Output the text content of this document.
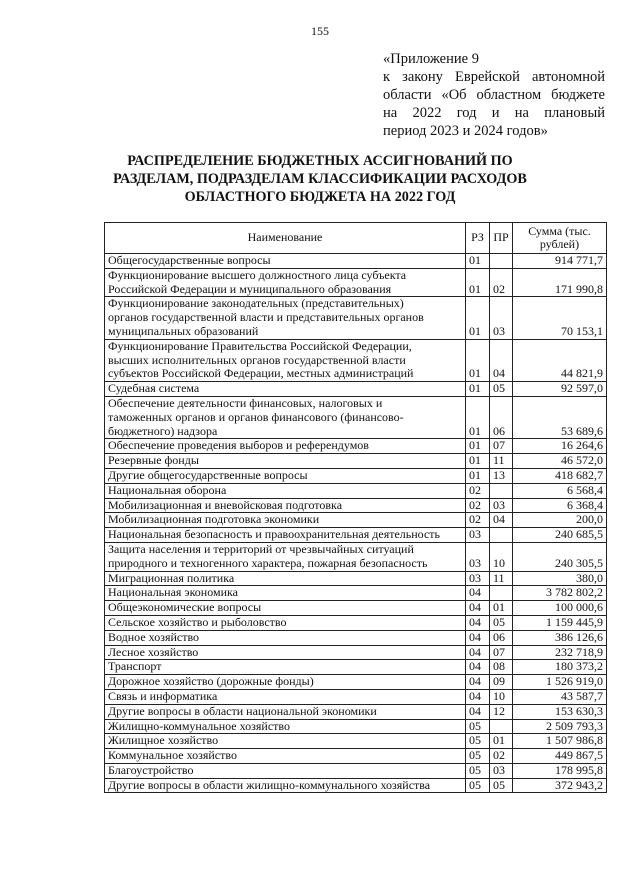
155
«Приложение 9
к закону Еврейской автономной
области «Об областном бюджете
на 2022 год и на плановый
период 2023 и 2024 годов»
РАСПРЕДЕЛЕНИЕ БЮДЖЕТНЫХ АССИГНОВАНИЙ ПО
РАЗДЕЛАМ, ПОДРАЗДЕЛАМ КЛАССИФИКАЦИИ РАСХОДОВ
ОБЛАСТНОГО БЮДЖЕТА НА 2022 ГОД
Наименование	РЗ	ПР	Сумма (тыс.
рублей)

Общегосударственные вопросы	01		914 771,7

Функционирование высшего должностного лица субъекта
Российской Федерации и муниципального образования	01	02	171 990,8

Функционирование законодательных (представительных)
органов государственной власти и представительных органов
муниципальных образований	01	03	70 153,1

Функционирование Правительства Российской Федерации,
высших исполнительных органов государственной власти
субъектов Российской Федерации, местных администраций	01	04	44 821,9

Судебная система	01	05	92 597,0

Обеспечение деятельности финансовых, налоговых и
таможенных органов и органов финансового (финансово-
бюджетного) надзора	01	06	53 689,6

Обеспечение проведения выборов и референдумов	01	07	16 264,6

Резервные фонды	01	11	46 572,0

Другие общегосударственные вопросы	01	13	418 682,7

Национальная оборона	02		6 568,4

Мобилизационная и вневойсковая подготовка	02	03	6 368,4

Мобилизационная подготовка экономики	02	04	200,0

Национальная безопасность и правоохранительная деятельность	03		240 685,5

Защита населения и территорий от чрезвычайных ситуаций
природного и техногенного характера, пожарная безопасность	03	10	240 305,5

Миграционная политика	03	11	380,0

Национальная экономика	04		3 782 802,2

Общеэкономические вопросы	04	01	100 000,6

Сельское хозяйство и рыболовство	04	05	1 159 445,9

Водное хозяйство	04	06	386 126,6

Лесное хозяйство	04	07	232 718,9

Транспорт	04	08	180 373,2

Дорожное хозяйство (дорожные фонды)	04	09	1 526 919,0

Связь и информатика	04	10	43 587,7

Другие вопросы в области национальной экономики	04	12	153 630,3

Жилищно-коммунальное хозяйство	05		2 509 793,3

Жилищное хозяйство	05	01	1 507 986,8

Коммунальное хозяйство	05	02	449 867,5

Благоустройство	05	03	178 995,8

Другие вопросы в области жилищно-коммунального хозяйства	05	05	372 943,2
